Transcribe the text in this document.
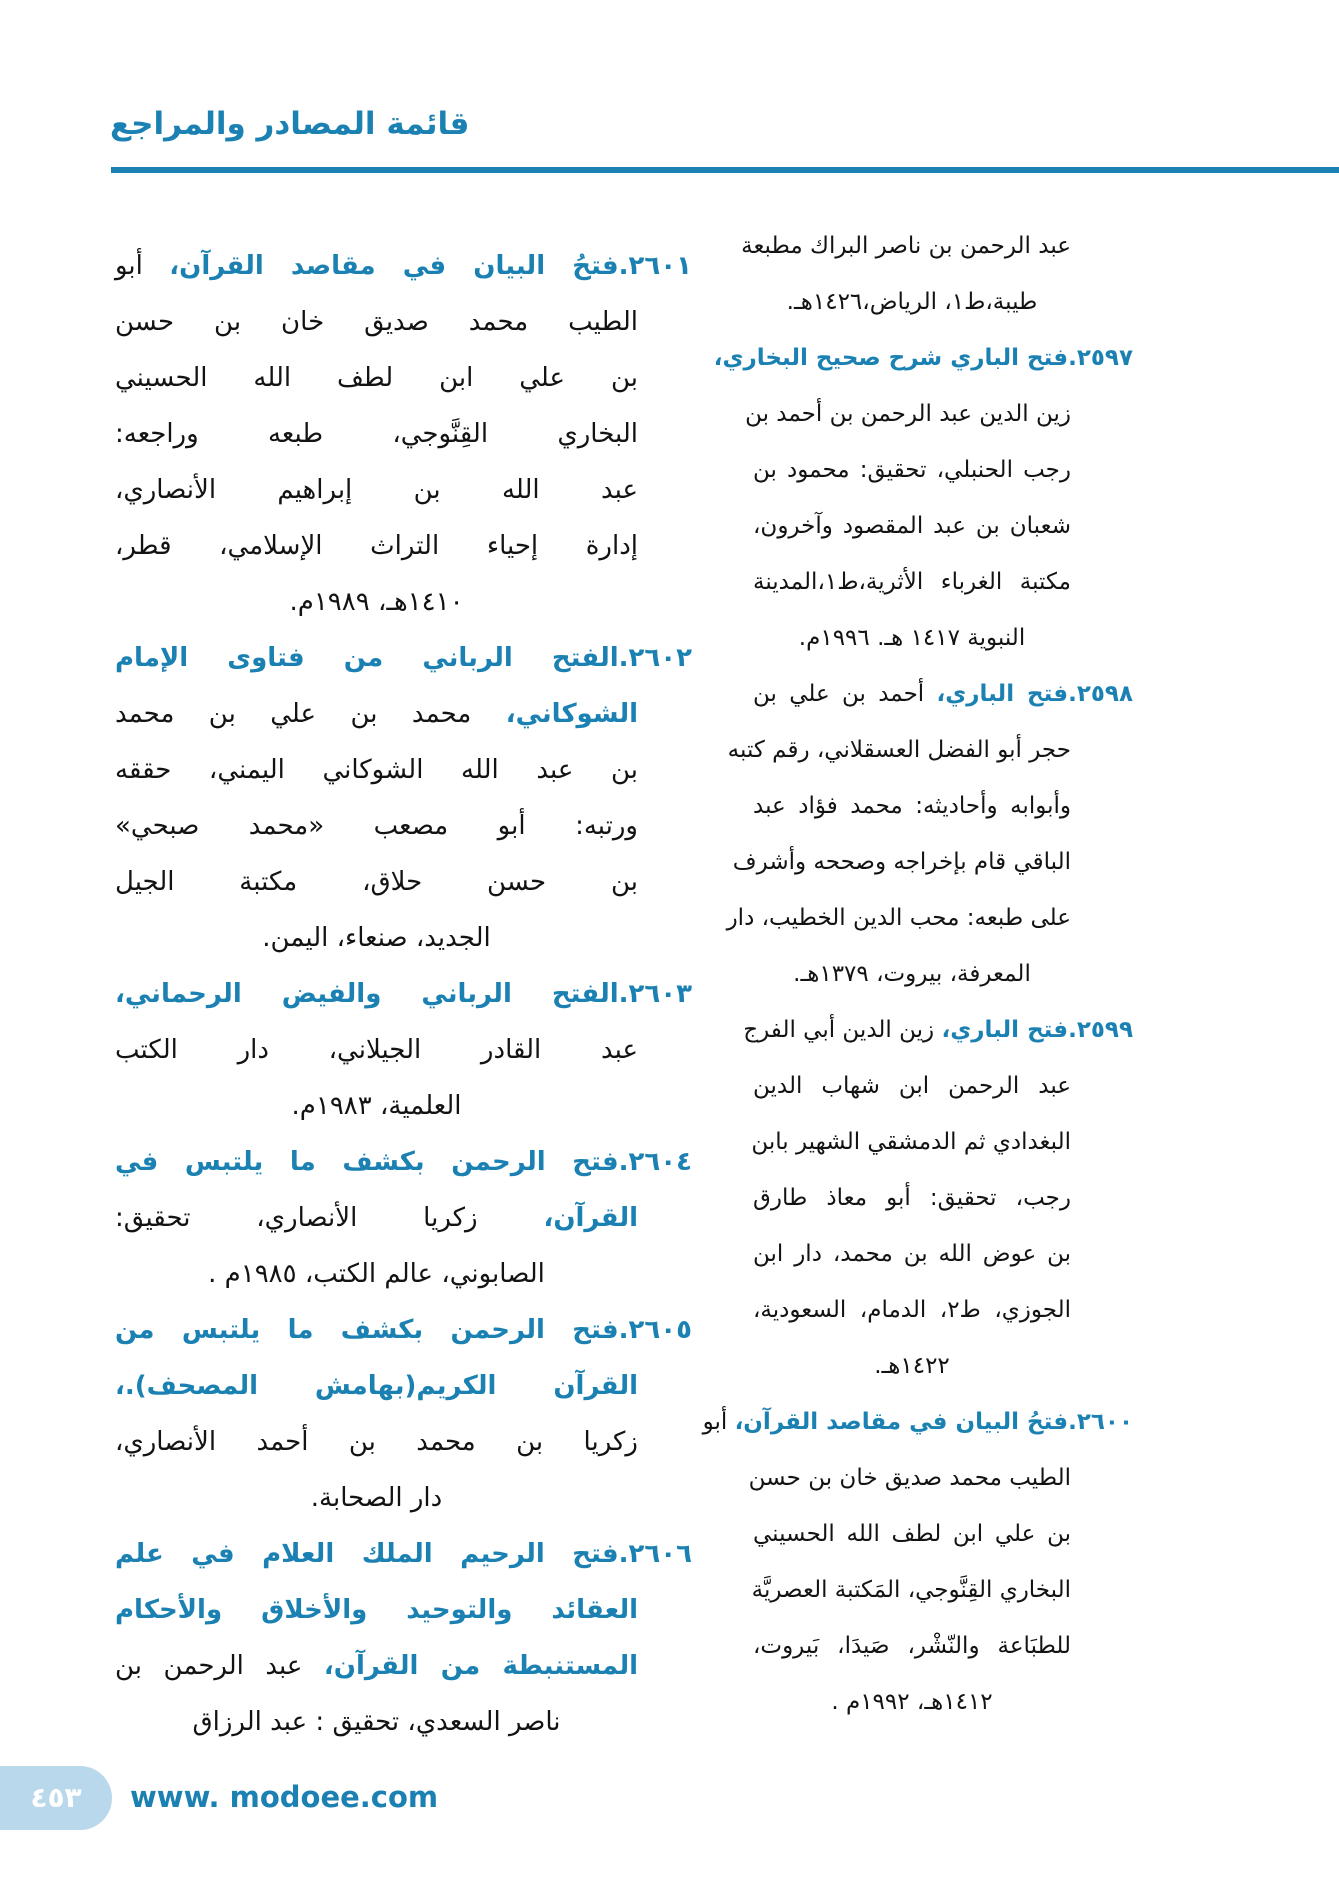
قائمة المصادر والمراجع
عبد الرحمن بن ناصر البراك مطبعة
طيبة،ط١، الرياض،١٤٢٦هـ.
٢٥٩٧.فتح الباري شرح صحيح البخاري،
زين الدين عبد الرحمن بن أحمد بن
رجب الحنبلي، تحقيق: محمود بن
شعبان بن عبد المقصود وآخرون،
مكتبة الغرباء الأثرية،ط١،المدينة
النبوية ١٤١٧ هـ. ١٩٩٦م.
٢٥٩٨.فتح الباري، أحمد بن علي بن
حجر أبو الفضل العسقلاني، رقم كتبه
وأبوابه وأحاديثه: محمد فؤاد عبد
الباقي قام بإخراجه وصححه وأشرف
على طبعه: محب الدين الخطيب، دار
المعرفة، بيروت، ١٣٧٩هـ.
٢٥٩٩.فتح الباري، زين الدين أبي الفرج
عبد الرحمن ابن شهاب الدين
البغدادي ثم الدمشقي الشهير بابن
رجب، تحقيق: أبو معاذ طارق
بن عوض الله بن محمد، دار ابن
الجوزي، ط٢، الدمام، السعودية،
١٤٢٢هـ.
٢٦٠٠.فتحُ البيان في مقاصد القرآن، أبو
الطيب محمد صديق خان بن حسن
بن علي ابن لطف الله الحسيني
البخاري القِنَّوجي، المَكتبة العصريَّة
للطبَاعة والنّشْر، صَيدَا، بَيروت،
١٤١٢هـ، ١٩٩٢م .
٢٦٠١.فتحُ البيان في مقاصد القرآن، أبو
الطيب محمد صديق خان بن حسن
بن علي ابن لطف الله الحسيني
البخاري القِنَّوجي، طبعه وراجعه:
عبد الله بن إبراهيم الأنصاري،
إدارة إحياء التراث الإسلامي، قطر،
١٤١٠هـ، ١٩٨٩م.
٢٦٠٢.الفتح الرباني من فتاوى الإمام
الشوكاني، محمد بن علي بن محمد
بن عبد الله الشوكاني اليمني، حققه
ورتبه: أبو مصعب «محمد صبحي»
بن حسن حلاق، مكتبة الجيل
الجديد، صنعاء، اليمن.
٢٦٠٣.الفتح الرباني والفيض الرحماني،
عبد القادر الجيلاني، دار الكتب
العلمية، ١٩٨٣م.
٢٦٠٤.فتح الرحمن بكشف ما يلتبس في
القرآن، زكريا الأنصاري، تحقيق:
الصابوني، عالم الكتب، ١٩٨٥م .
٢٦٠٥.فتح الرحمن بكشف ما يلتبس من
القرآن الكريم(بهامش المصحف).،
زكريا بن محمد بن أحمد الأنصاري،
دار الصحابة.
٢٦٠٦.فتح الرحيم الملك العلام في علم
العقائد والتوحيد والأخلاق والأحكام
المستنبطة من القرآن، عبد الرحمن بن
ناصر السعدي، تحقيق : عبد الرزاق
٤٥٣	www. modoee.com
